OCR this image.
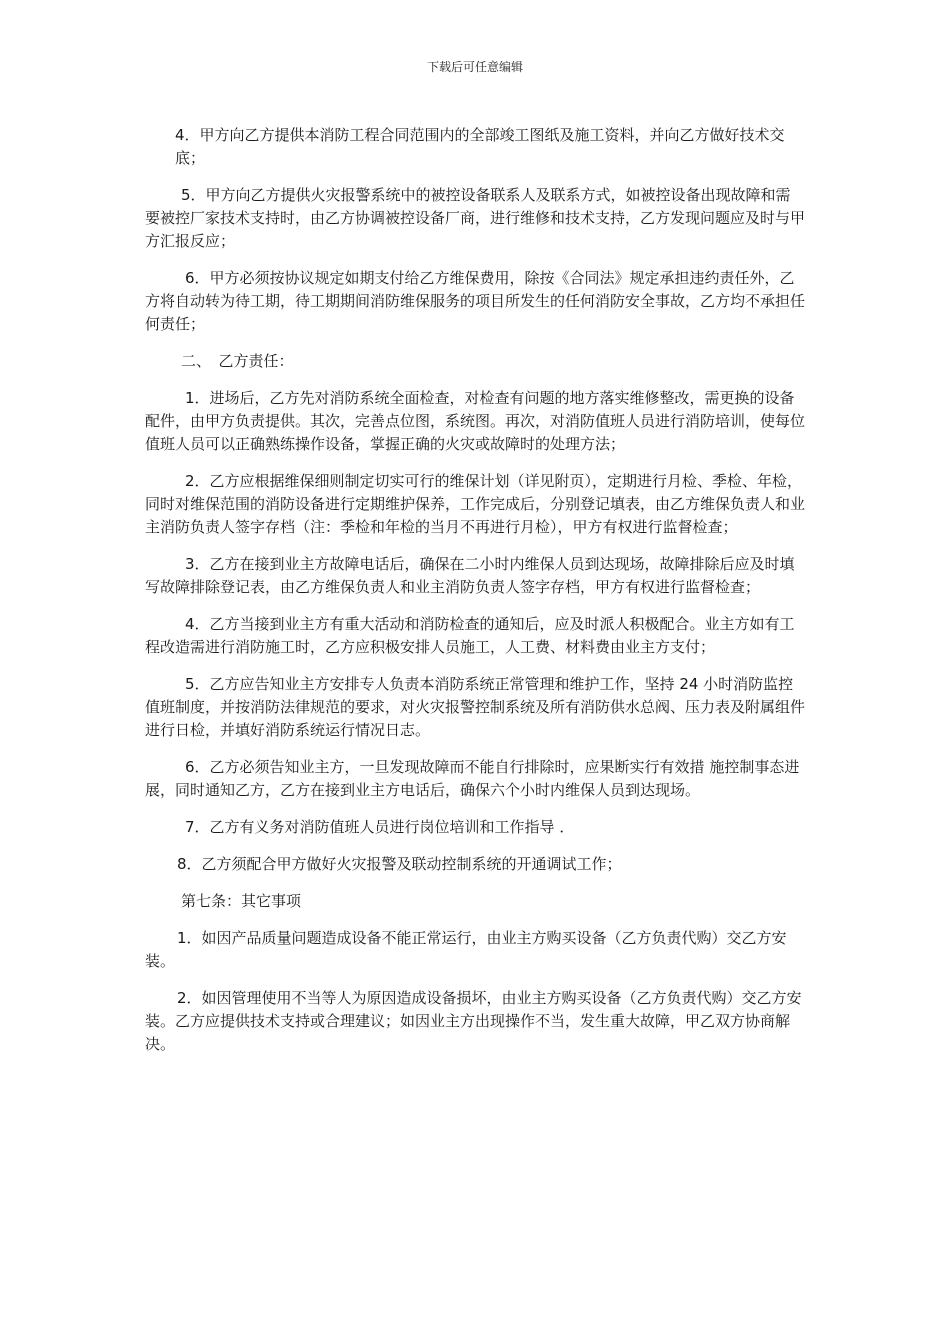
下载后可任意编辑

4．甲方向乙方提供本消防工程合同范围内的全部竣工图纸及施工资料，并向乙方做好技术交底；

5．甲方向乙方提供火灾报警系统中的被控设备联系人及联系方式，如被控设备出现故障和需要被控厂家技术支持时，由乙方协调被控设备厂商，进行维修和技术支持，乙方发现问题应及时与甲方汇报反应；

6．甲方必须按协议规定如期支付给乙方维保费用，除按《合同法》规定承担违约责任外，乙方将自动转为待工期，待工期期间消防维保服务的项目所发生的任何消防安全事故，乙方均不承担任何责任；

二、　乙方责任：

1．进场后，乙方先对消防系统全面检查，对检查有问题的地方落实维修整改，需更换的设备配件，由甲方负责提供。其次，完善点位图，系统图。再次，对消防值班人员进行消防培训，使每位值班人员可以正确熟练操作设备，掌握正确的火灾或故障时的处理方法；

2．乙方应根据维保细则制定切实可行的维保计划（详见附页），定期进行月检、季检、年检，同时对维保范围的消防设备进行定期维护保养，工作完成后，分别登记填表，由乙方维保负责人和业主消防负责人签字存档（注：季检和年检的当月不再进行月检），甲方有权进行监督检查；

3．乙方在接到业主方故障电话后，确保在二小时内维保人员到达现场，故障排除后应及时填写故障排除登记表，由乙方维保负责人和业主消防负责人签字存档，甲方有权进行监督检查；

4．乙方当接到业主方有重大活动和消防检查的通知后，应及时派人积极配合。业主方如有工程改造需进行消防施工时，乙方应积极安排人员施工，人工费、材料费由业主方支付；

5．乙方应告知业主方安排专人负责本消防系统正常管理和维护工作，坚持 24 小时消防监控值班制度，并按消防法律规范的要求，对火灾报警控制系统及所有消防供水总阀、压力表及附属组件进行日检，并填好消防系统运行情况日志。

6．乙方必须告知业主方，一旦发现故障而不能自行排除时，应果断实行有效措 施控制事态进展，同时通知乙方，乙方在接到业主方电话后，确保六个小时内维保人员到达现场。

7．乙方有义务对消防值班人员进行岗位培训和工作指导 ．

8．乙方须配合甲方做好火灾报警及联动控制系统的开通调试工作；

第七条：其它事项

1．如因产品质量问题造成设备不能正常运行，由业主方购买设备（乙方负责代购）交乙方安装。

2．如因管理使用不当等人为原因造成设备损坏，由业主方购买设备（乙方负责代购）交乙方安装。乙方应提供技术支持或合理建议；如因业主方出现操作不当，发生重大故障，甲乙双方协商解决。
